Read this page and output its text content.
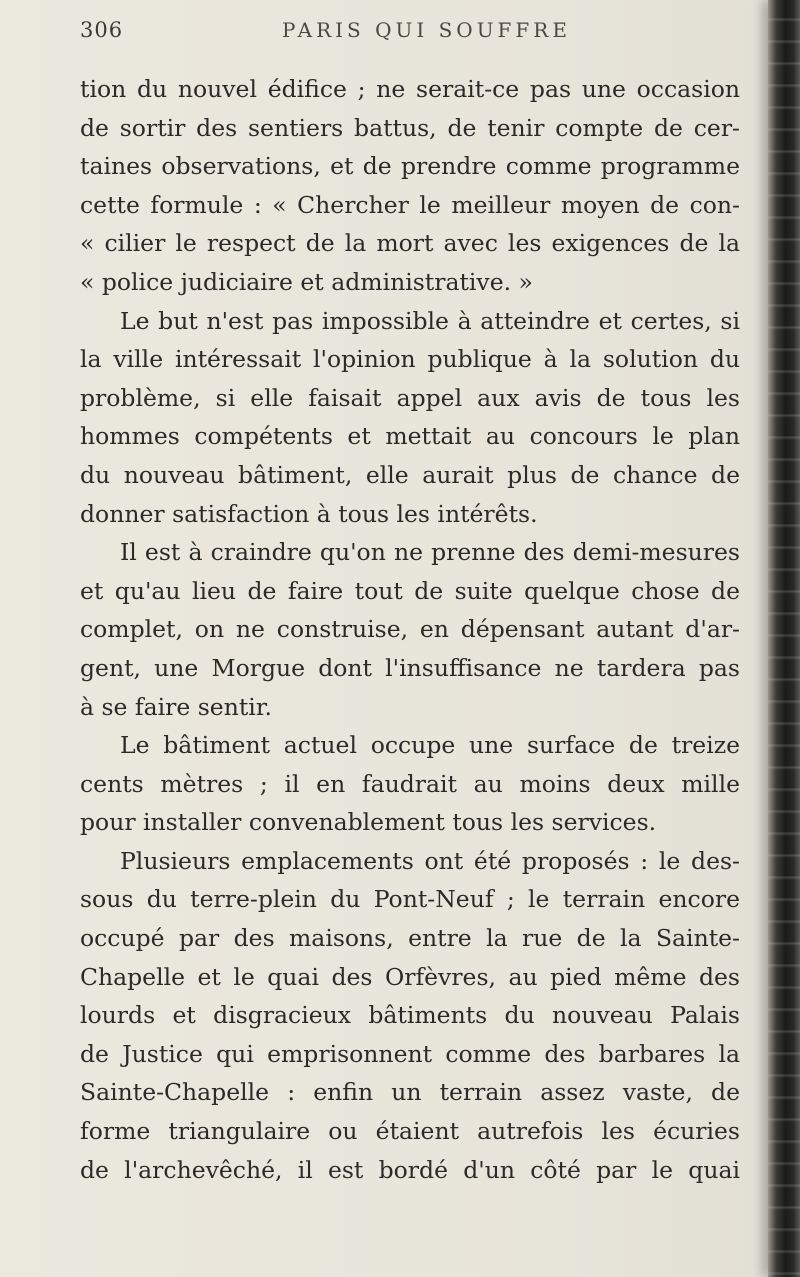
306	PARIS QUI SOUFFRE
tion du nouvel édifice ; ne serait-ce pas une occasion
de sortir des sentiers battus, de tenir compte de cer-
taines observations, et de prendre comme programme
cette formule : « Chercher le meilleur moyen de con-
« cilier le respect de la mort avec les exigences de la
« police judiciaire et administrative. »
Le but n'est pas impossible à atteindre et certes, si
la ville intéressait l'opinion publique à la solution du
problème, si elle faisait appel aux avis de tous les
hommes compétents et mettait au concours le plan
du nouveau bâtiment, elle aurait plus de chance de
donner satisfaction à tous les intérêts.
Il est à craindre qu'on ne prenne des demi-mesures
et qu'au lieu de faire tout de suite quelque chose de
complet, on ne construise, en dépensant autant d'ar-
gent, une Morgue dont l'insuffisance ne tardera pas
à se faire sentir.
Le bâtiment actuel occupe une surface de treize
cents mètres ; il en faudrait au moins deux mille
pour installer convenablement tous les services.
Plusieurs emplacements ont été proposés : le des-
sous du terre-plein du Pont-Neuf ; le terrain encore
occupé par des maisons, entre la rue de la Sainte-
Chapelle et le quai des Orfèvres, au pied même des
lourds et disgracieux bâtiments du nouveau Palais
de Justice qui emprisonnent comme des barbares la
Sainte-Chapelle : enfin un terrain assez vaste, de
forme triangulaire ou étaient autrefois les écuries
de l'archevêché, il est bordé d'un côté par le quai
